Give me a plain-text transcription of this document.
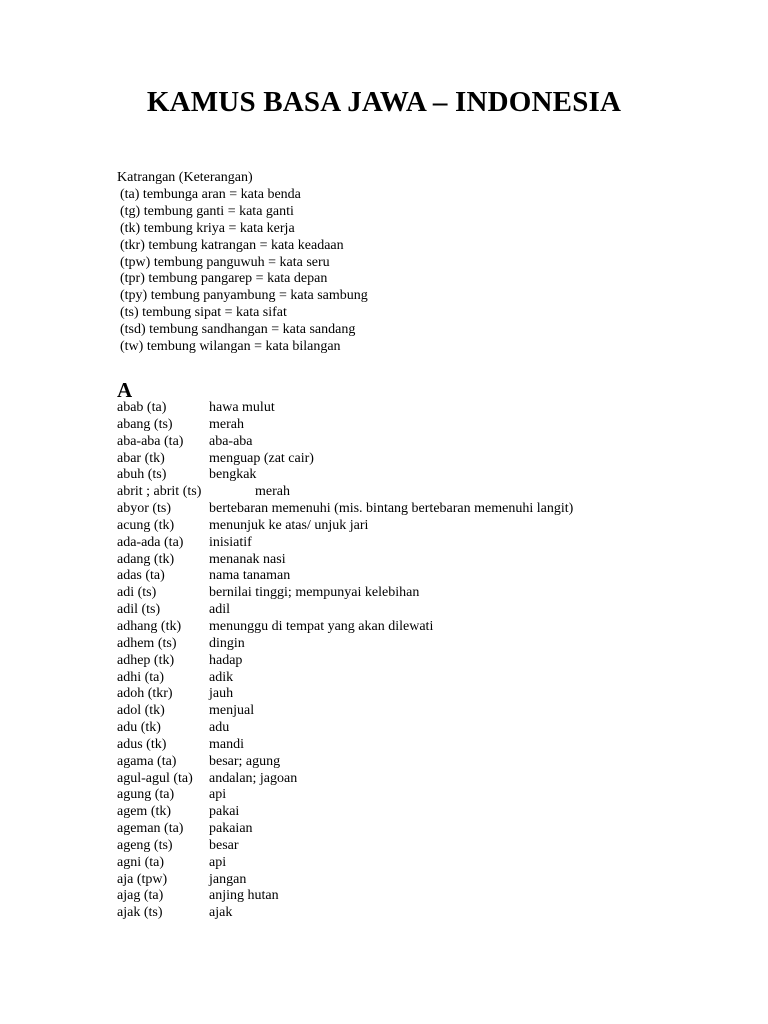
KAMUS BASA JAWA – INDONESIA
Katrangan (Keterangan)
(ta) tembunga aran = kata benda
(tg) tembung ganti = kata ganti
(tk) tembung kriya = kata kerja
(tkr) tembung katrangan = kata keadaan
(tpw) tembung panguwuh = kata seru
(tpr) tembung pangarep = kata depan
(tpy) tembung panyambung = kata sambung
(ts) tembung sipat = kata sifat
(tsd) tembung sandhangan = kata sandang
(tw) tembung wilangan = kata bilangan
A
abab (ta)	hawa mulut
abang (ts)	merah
aba-aba (ta) aba-aba
abar (tk)	menguap (zat cair)
abuh (ts)	bengkak
abrit ; abrit (ts)	merah
abyor (ts)	bertebaran memenuhi (mis. bintang bertebaran memenuhi langit)
acung (tk) menunjuk ke atas/ unjuk jari
ada-ada (ta) inisiatif
adang (tk) menanak nasi
adas (ta)	nama tanaman
adi (ts)	bernilai tinggi; mempunyai kelebihan
adil (ts)	adil
adhang (tk) menunggu di tempat yang akan dilewati
adhem (ts) dingin
adhep (tk) hadap
adhi (ta)	adik
adoh (tkr)	jauh
adol (tk)	menjual
adu (tk)	adu
adus (tk)	mandi
agama (ta) besar; agung
agul-agul (ta) andalan; jagoan
agung (ta) api
agem (tk)	pakai
ageman (ta) pakaian
ageng (ts)	besar
agni (ta)	api
aja (tpw)	jangan
ajag (ta)	anjing hutan
ajak (ts)	ajak
